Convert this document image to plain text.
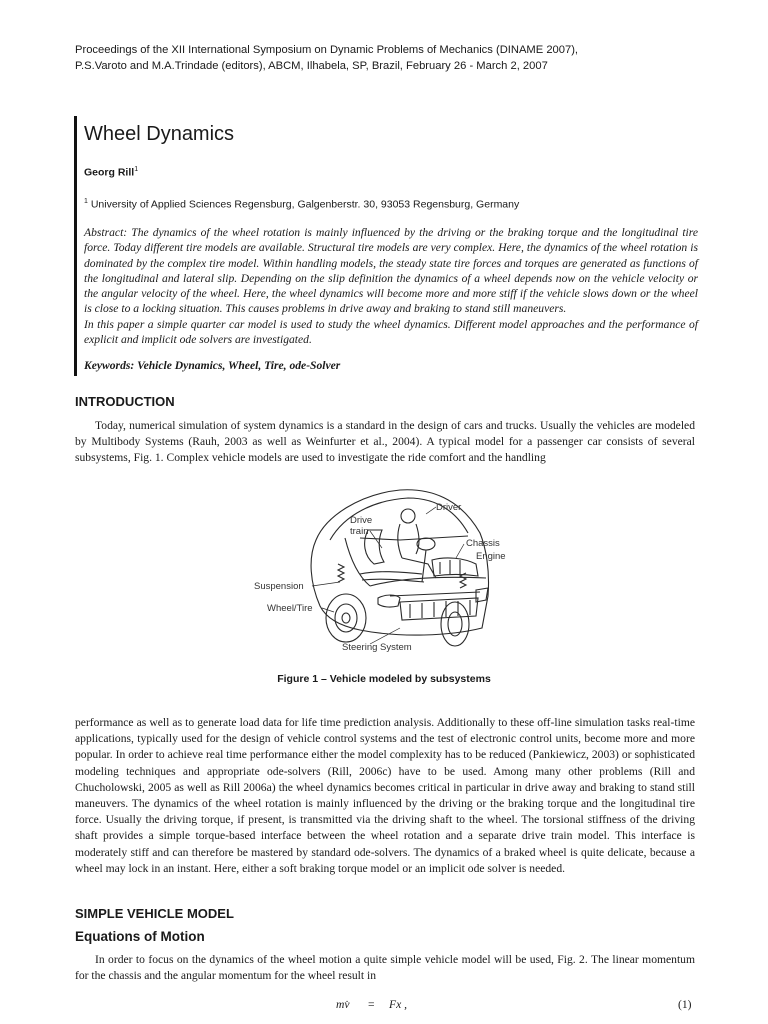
Proceedings of the XII International Symposium on Dynamic Problems of Mechanics (DINAME 2007),
P.S.Varoto and M.A.Trindade (editors), ABCM, Ilhabela, SP, Brazil, February 26 - March 2, 2007
Wheel Dynamics
Georg Rill$^1$
$^1$ University of Applied Sciences Regensburg, Galgenberstr. 30, 93053 Regensburg, Germany

Abstract: The dynamics of the wheel rotation is mainly influenced by the driving or the braking torque and the longitudinal tire force. Today different tire models are available. Structural tire models are very complex. Here, the dynamics of the wheel rotation is dominated by the complex tire model. Within handling models, the steady state tire forces and torques are generated as functions of the longitudinal and lateral slip. Depending on the slip definition the dynamics of a wheel depends now on the vehicle velocity or the angular velocity of the wheel. Here, the wheel dynamics will become more and more stiff if the vehicle slows down or the wheel is close to a locking situation. This causes problems in drive away and braking to stand still maneuvers.

In this paper a simple quarter car model is used to study the wheel dynamics. Different model approaches and the performance of explicit and implicit ode solvers are investigated.

Keywords: Vehicle Dynamics, Wheel, Tire, ode-Solver
INTRODUCTION

Today, numerical simulation of system dynamics is a standard in the design of cars and trucks. Usually the vehicles are modeled by Multibody Systems (Rauh, 2003 as well as Weinfurter et al., 2004). A typical model for a passenger car consists of several subsystems, Fig. 1. Complex vehicle models are used to investigate the ride comfort and the handling

Driver
Drive
train
Chassis
Engine
Suspension
Wheel/Tire
Steering System
Figure 1 – Vehicle modeled by subsystems

performance as well as to generate load data for life time prediction analysis. Additionally to these off-line simulation tasks real-time applications, typically used for the design of vehicle control systems and the test of electronic control units, become more and more popular. In order to achieve real time performance either the model complexity has to be reduced (Pankiewicz, 2003) or sophisticated modeling techniques and appropriate ode-solvers (Rill, 2006c) have to be used. Among many other problems (Rill and Chucholowski, 2005 as well as Rill 2006a) the wheel dynamics becomes critical in particular in drive away and braking to stand still maneuvers. The dynamics of the wheel rotation is mainly influenced by the driving or the braking torque and the longitudinal tire force. Usually the driving torque, if present, is transmitted via the driving shaft to the wheel. The torsional stiffness of the driving shaft provides a simple torque-based interface between the wheel rotation and a separate drive train model. This interface is moderately stiff and can therefore be mastered by standard ode-solvers. The dynamics of a braked wheel is quite delicate, because a wheel may lock in an instant. Here, either a soft braking torque model or an implicit ode solver is needed.

SIMPLE VEHICLE MODEL
Equations of Motion

In order to focus on the dynamics of the wheel motion a quite simple vehicle model will be used, Fig. 2. The linear momentum for the chassis and the angular momentum for the wheel result in

mv̇ = Fx ,	(1)
